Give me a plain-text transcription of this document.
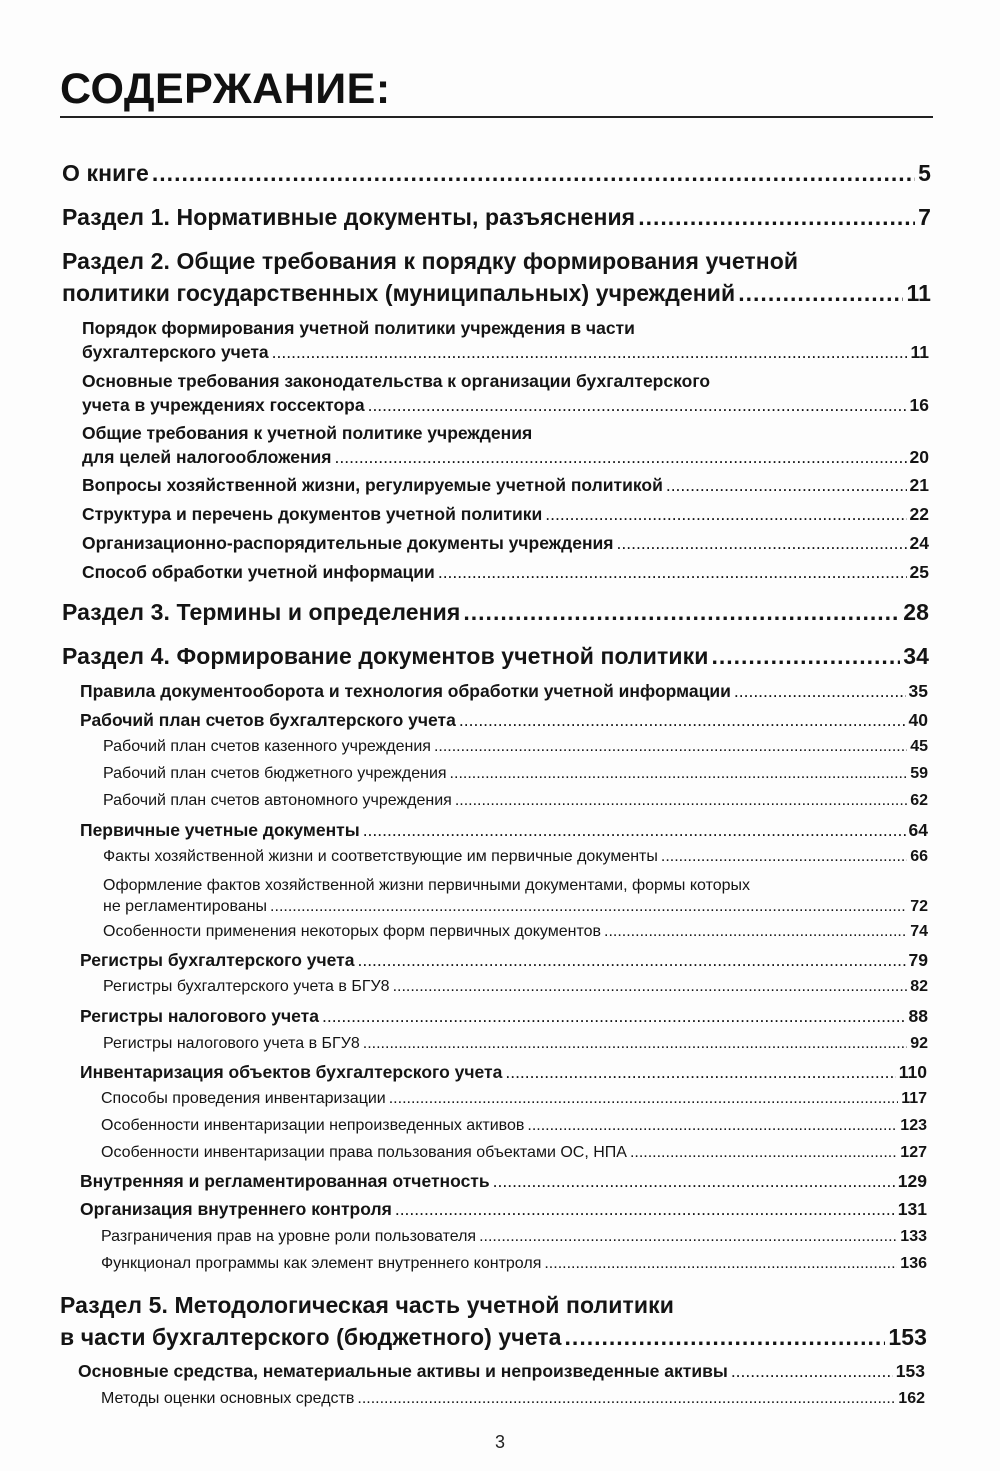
СОДЕРЖАНИЕ:
О книге .....	5
Раздел 1. Нормативные документы, разъяснения .....	7
Раздел 2. Общие требования к порядку формирования учетной
политики государственных (муниципальных) учреждений .....	11
Порядок формирования учетной политики учреждения в части
бухгалтерского учета .....	11
Основные требования законодательства к организации бухгалтерского
учета в учреждениях госсектора .....	16
Общие требования к учетной политике учреждения
для целей налогообложения .....	20
Вопросы хозяйственной жизни, регулируемые учетной политикой .....	21
Структура и перечень документов учетной политики .....	22
Организационно-распорядительные документы учреждения .....	24
Способ обработки учетной информации .....	25
Раздел 3. Термины и определения .....	28
Раздел 4. Формирование документов учетной политики .....	34
Правила документооборота и технология обработки учетной информации .....	35
Рабочий план счетов бухгалтерского учета .....	40
Рабочий план счетов казенного учреждения .....	45
Рабочий план счетов бюджетного учреждения .....	59
Рабочий план счетов автономного учреждения .....	62
Первичные учетные документы .....	64
Факты хозяйственной жизни и соответствующие им первичные документы .....	66
Оформление фактов хозяйственной жизни первичными документами, формы которых
не регламентированы .....	72
Особенности применения некоторых форм первичных документов .....	74
Регистры бухгалтерского учета .....	79
Регистры бухгалтерского учета в БГУ8 .....	82
Регистры налогового учета .....	88
Регистры налогового учета в БГУ8 .....	92
Инвентаризация объектов бухгалтерского учета .....	110
Способы проведения инвентаризации .....	117
Особенности инвентаризации непроизведенных активов .....	123
Особенности инвентаризации права пользования объектами ОС, НПА .....	127
Внутренняя и регламентированная отчетность .....	129
Организация внутреннего контроля .....	131
Разграничения прав на уровне роли пользователя .....	133
Функционал программы как элемент внутреннего контроля .....	136
Раздел 5. Методологическая часть учетной политики
в части бухгалтерского (бюджетного) учета .....	153
Основные средства, нематериальные активы и непроизведенные активы .....	153
Методы оценки основных средств .....	162
3
